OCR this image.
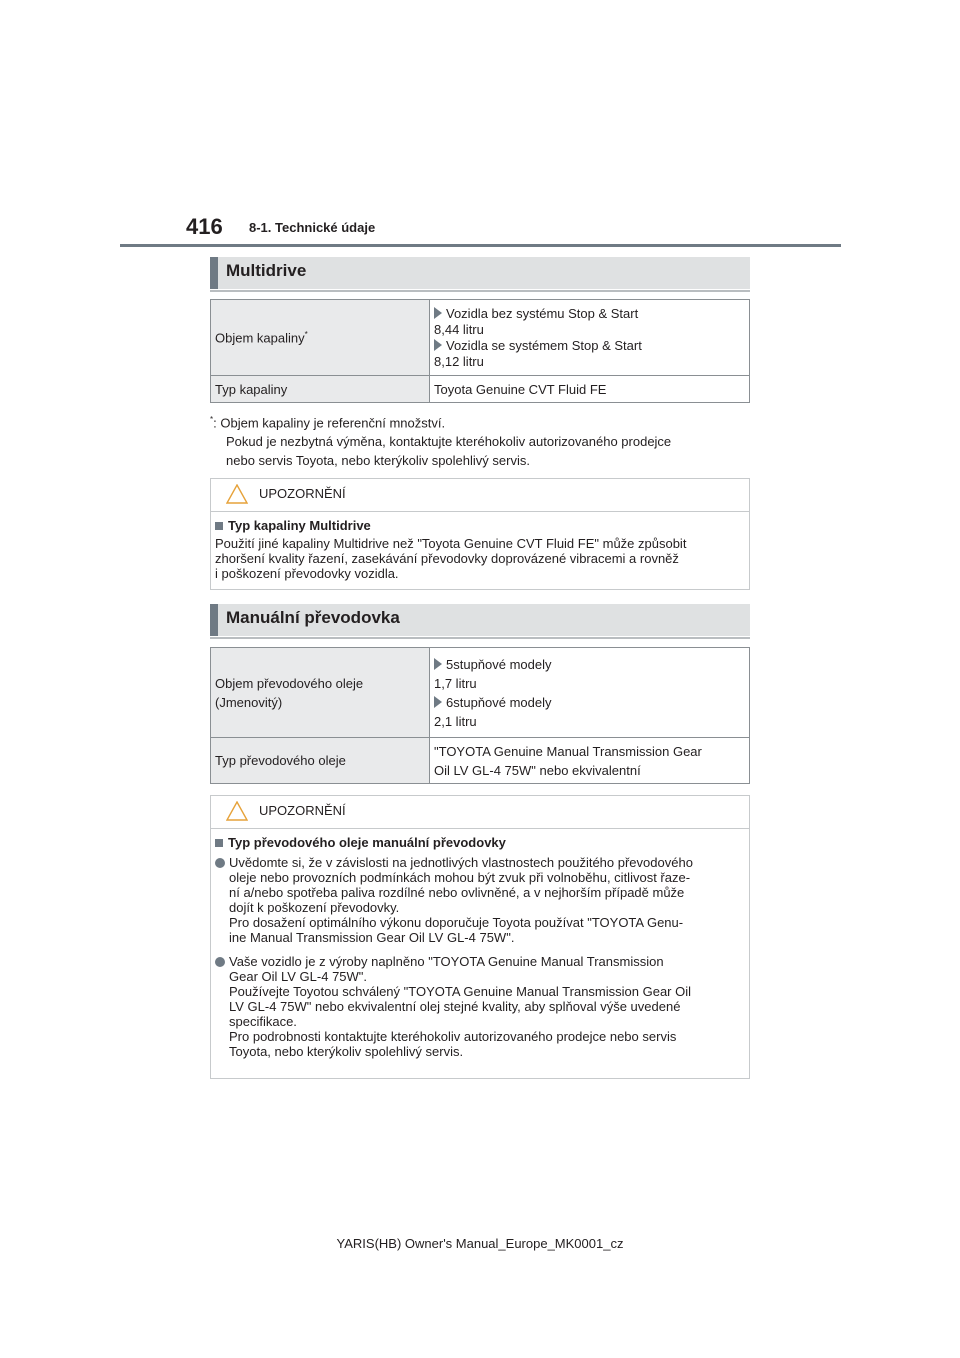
416 8-1. Technické údaje
Multidrive
Objem kapaliny*	Vozidla bez systému Stop & Start
8,44 litru
Vozidla se systémem Stop & Start
8,12 litru

Typ kapaliny	Toyota Genuine CVT Fluid FE
*: Objem kapaliny je referenční množství.
Pokud je nezbytná výměna, kontaktujte kteréhokoliv autorizovaného prodejce
nebo servis Toyota, nebo kterýkoliv spolehlivý servis.
UPOZORNĚNÍ
Typ kapaliny Multidrive
Použití jiné kapaliny Multidrive než "Toyota Genuine CVT Fluid FE" může způsobit
zhoršení kvality řazení, zasekávání převodovky doprovázené vibracemi a rovněž
i poškození převodovky vozidla.
Manuální převodovka
Objem převodového oleje
(Jmenovitý)	5stupňové modely
1,7 litru
6stupňové modely
2,1 litru

Typ převodového oleje	"TOYOTA Genuine Manual Transmission Gear
Oil LV GL-4 75W" nebo ekvivalentní
UPOZORNĚNÍ
Typ převodového oleje manuální převodovky
Uvědomte si, že v závislosti na jednotlivých vlastnostech použitého převodového
oleje nebo provozních podmínkách mohou být zvuk při volnoběhu, citlivost řaze-
ní a/nebo spotřeba paliva rozdílné nebo ovlivněné, a v nejhorším případě může
dojít k poškození převodovky.
Pro dosažení optimálního výkonu doporučuje Toyota používat "TOYOTA Genu-
ine Manual Transmission Gear Oil LV GL-4 75W".
Vaše vozidlo je z výroby naplněno "TOYOTA Genuine Manual Transmission
Gear Oil LV GL-4 75W".
Používejte Toyotou schválený "TOYOTA Genuine Manual Transmission Gear Oil
LV GL-4 75W" nebo ekvivalentní olej stejné kvality, aby splňoval výše uvedené
specifikace.
Pro podrobnosti kontaktujte kteréhokoliv autorizovaného prodejce nebo servis
Toyota, nebo kterýkoliv spolehlivý servis.
YARIS(HB) Owner's Manual_Europe_MK0001_cz
